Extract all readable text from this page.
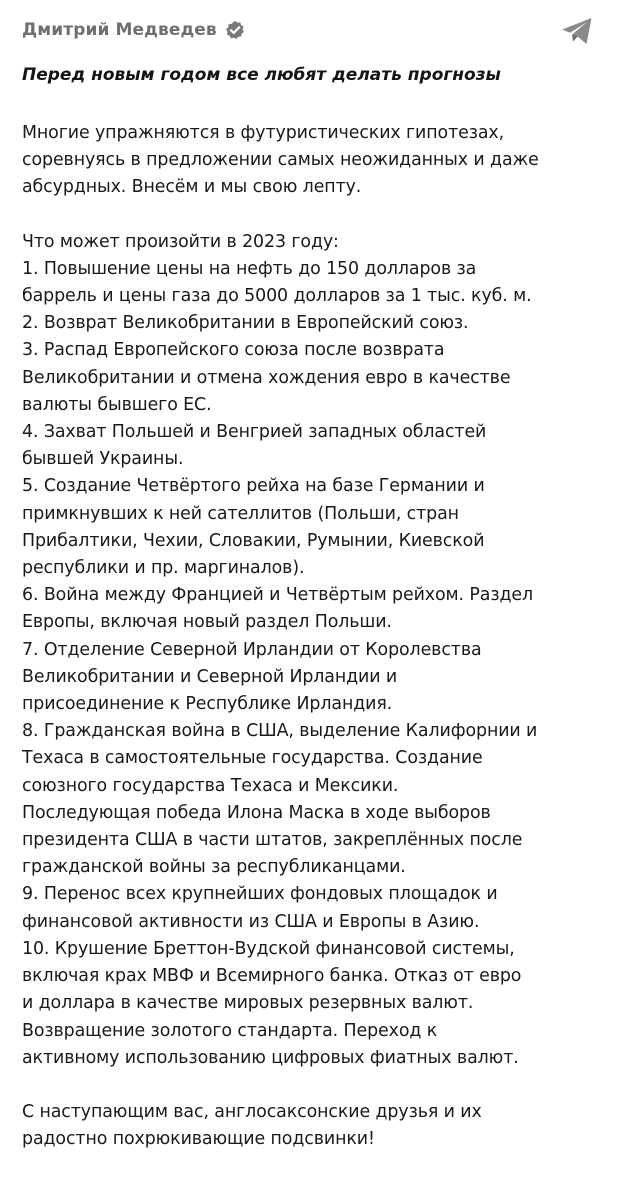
Дмитрий Медведев
Перед новым годом все любят делать прогнозы
Многие упражняются в футуристических гипотезах,
соревнуясь в предложении самых неожиданных и даже
абсурдных. Внесём и мы свою лепту.
Что может произойти в 2023 году:
1. Повышение цены на нефть до 150 долларов за
баррель и цены газа до 5000 долларов за 1 тыс. куб. м.
2. Возврат Великобритании в Европейский союз.
3. Распад Европейского союза после возврата
Великобритании и отмена хождения евро в качестве
валюты бывшего ЕС.
4. Захват Польшей и Венгрией западных областей
бывшей Украины.
5. Создание Четвёртого рейха на базе Германии и
примкнувших к ней сателлитов (Польши, стран
Прибалтики, Чехии, Словакии, Румынии, Киевской
республики и пр. маргиналов).
6. Война между Францией и Четвёртым рейхом. Раздел
Европы, включая новый раздел Польши.
7. Отделение Северной Ирландии от Королевства
Великобритании и Северной Ирландии и
присоединение к Республике Ирландия.
8. Гражданская война в США, выделение Калифорнии и
Техаса в самостоятельные государства. Создание
союзного государства Техаса и Мексики.
Последующая победа Илона Маска в ходе выборов
президента США в части штатов, закреплённых после
гражданской войны за республиканцами.
9. Перенос всех крупнейших фондовых площадок и
финансовой активности из США и Европы в Азию.
10. Крушение Бреттон-Вудской финансовой системы,
включая крах МВФ и Всемирного банка. Отказ от евро
и доллара в качестве мировых резервных валют.
Возвращение золотого стандарта. Переход к
активному использованию цифровых фиатных валют.
С наступающим вас, англосаксонские друзья и их
радостно похрюкивающие подсвинки!
